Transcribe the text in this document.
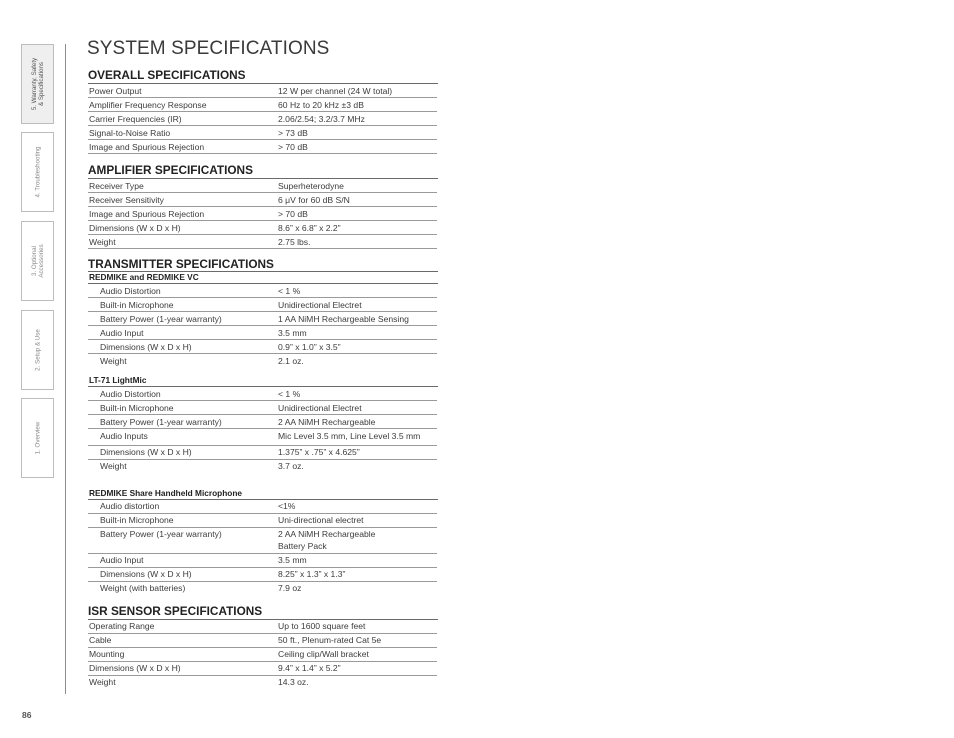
5. Warranty, Safety
& Specifications
4. Troubleshooting
3. Optional
Accessories
2. Setup & Use
1. Overview
86
SYSTEM SPECIFICATIONS
OVERALL SPECIFICATIONS
Power Output	12 W per channel (24 W total)
Amplifier Frequency Response	60 Hz to 20 kHz ±3 dB
Carrier Frequencies (IR)	2.06/2.54; 3.2/3.7 MHz
Signal-to-Noise Ratio	> 73 dB
Image and Spurious Rejection	> 70 dB
AMPLIFIER SPECIFICATIONS
Receiver Type	Superheterodyne
Receiver Sensitivity	6 μV for 60 dB S/N
Image and Spurious Rejection	> 70 dB
Dimensions (W x D x H)	8.6” x 6.8” x 2.2”
Weight	2.75 lbs.
TRANSMITTER SPECIFICATIONS
REDMIKE and REDMIKE VC
Audio Distortion	< 1 %
Built-in Microphone	Unidirectional Electret
Battery Power (1-year warranty)	1 AA NiMH Rechargeable Sensing
Audio Input	3.5 mm
Dimensions (W x D x H)	0.9” x 1.0” x 3.5”
Weight	2.1 oz.
LT-71 LightMic
Audio Distortion	< 1 %
Built-in Microphone	Unidirectional Electret
Battery Power (1-year warranty)	2 AA NiMH Rechargeable
Audio Inputs	Mic Level 3.5 mm, Line Level 3.5 mm
Dimensions (W x D x H)	1.375” x .75” x 4.625”
Weight	3.7 oz.
REDMIKE Share Handheld Microphone
Audio distortion	<1%
Built-in Microphone	Uni-directional electret
Battery Power (1-year warranty)	2 AA NiMH Rechargeable
Battery Pack
Audio Input	3.5 mm
Dimensions (W x D x H)	8.25” x 1.3” x 1.3”
Weight (with batteries)	7.9 oz
ISR SENSOR SPECIFICATIONS
Operating Range	Up to 1600 square feet
Cable	50 ft., Plenum-rated Cat 5e
Mounting	Ceiling clip/Wall bracket
Dimensions (W x D x H)	9.4” x 1.4” x 5.2”
Weight	14.3 oz.
